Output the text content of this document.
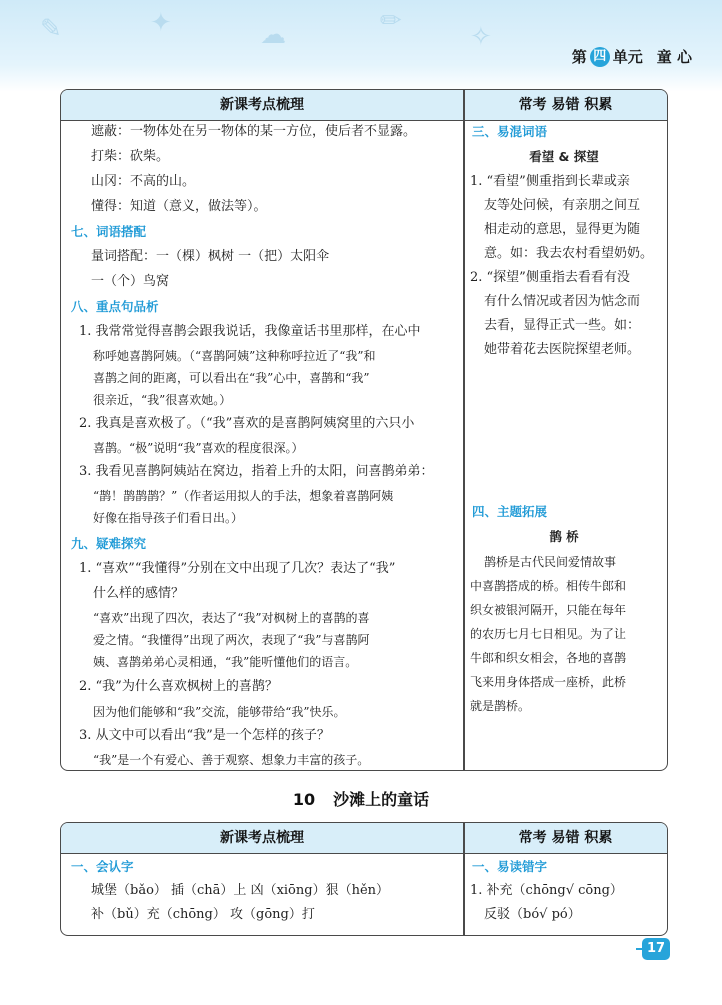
✎	✦	☁	✏
✧
第 四 单元 童 心
新课考点梳理	常考 易错 积累
遮蔽：一物体处在另一物体的某一方位，使后者不显露。
打柴：砍柴。
山冈：不高的山。
懂得：知道（意义，做法等）。
七、词语搭配
量词搭配：一（棵）枫树 一（把）太阳伞
一（个）鸟窝
八、重点句品析
1. 我常常觉得喜鹊会跟我说话，我像童话书里那样，在心中
称呼她喜鹊阿姨。（“喜鹊阿姨”这种称呼拉近了“我”和
喜鹊之间的距离，可以看出在“我”心中，喜鹊和“我”
很亲近，“我”很喜欢她。）
2. 我真是喜欢极了。（“我”喜欢的是喜鹊阿姨窝里的六只小
喜鹊。“极”说明“我”喜欢的程度很深。）
3. 我看见喜鹊阿姨站在窝边，指着上升的太阳，问喜鹊弟弟：
“鹊！鹊鹊鹊？”（作者运用拟人的手法，想象着喜鹊阿姨
好像在指导孩子们看日出。）
九、疑难探究
1. “喜欢”“我懂得”分别在文中出现了几次？表达了“我”
什么样的感情？
“喜欢”出现了四次，表达了“我”对枫树上的喜鹊的喜
爱之情。“我懂得”出现了两次，表现了“我”与喜鹊阿
姨、喜鹊弟弟心灵相通，“我”能听懂他们的语言。
2. “我”为什么喜欢枫树上的喜鹊？
因为他们能够和“我”交流，能够带给“我”快乐。
3. 从文中可以看出“我”是一个怎样的孩子？
“我”是一个有爱心、善于观察、想象力丰富的孩子。
三、易混词语
看望 & 探望
1. “看望”侧重指到长辈或亲
友等处问候，有亲朋之间互
相走动的意思，显得更为随
意。如：我去农村看望奶奶。
2. “探望”侧重指去看看有没
有什么情况或者因为惦念而
去看，显得正式一些。如：
她带着花去医院探望老师。
四、主题拓展
鹊 桥
鹊桥是古代民间爱情故事
中喜鹊搭成的桥。相传牛郎和
织女被银河隔开，只能在每年
的农历七月七日相见。为了让
牛郎和织女相会，各地的喜鹊
飞来用身体搭成一座桥，此桥
就是鹊桥。
10 沙滩上的童话
新课考点梳理	常考 易错 积累
一、会认字
城堡（bǎo） 插（chā）上 凶（xiōng）狠（hěn）
补（bǔ）充（chōng） 攻（gōng）打
一、易读错字
1. 补充（chōng√ cōng）
反驳（bó√ pó）
17
